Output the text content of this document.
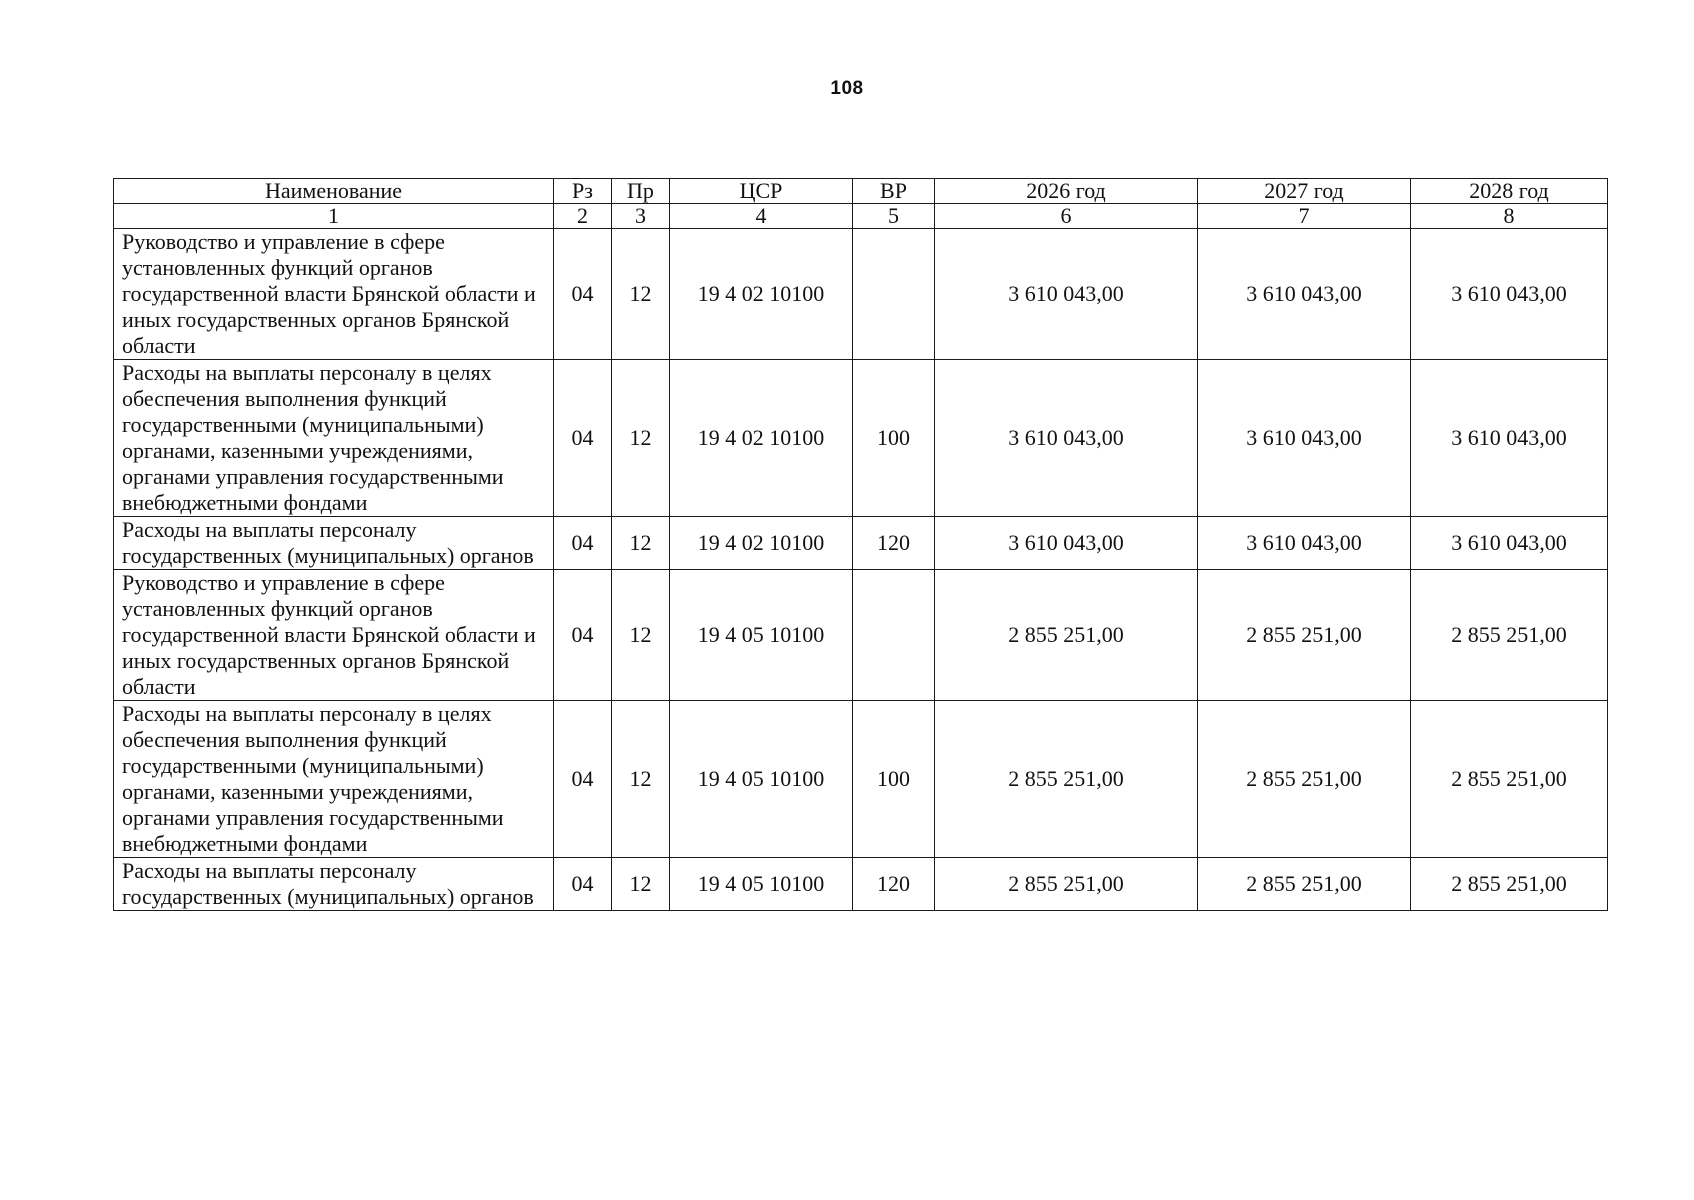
108
Наименование	Рз	Пр	ЦСР	ВР	2026 год	2027 год	2028 год
1	2	3	4	5	6	7	8
Руководство и управление в сфере установленных функций органов государственной власти Брянской области и иных государственных органов Брянской области	04	12	19 4 02 10100		3 610 043,00	3 610 043,00	3 610 043,00
Расходы на выплаты персоналу в целях обеспечения выполнения функций государственными (муниципальными) органами, казенными учреждениями, органами управления государственными внебюджетными фондами	04	12	19 4 02 10100	100	3 610 043,00	3 610 043,00	3 610 043,00
Расходы на выплаты персоналу государственных (муниципальных) органов	04	12	19 4 02 10100	120	3 610 043,00	3 610 043,00	3 610 043,00
Руководство и управление в сфере установленных функций органов государственной власти Брянской области и иных государственных органов Брянской области	04	12	19 4 05 10100		2 855 251,00	2 855 251,00	2 855 251,00
Расходы на выплаты персоналу в целях обеспечения выполнения функций государственными (муниципальными) органами, казенными учреждениями, органами управления государственными внебюджетными фондами	04	12	19 4 05 10100	100	2 855 251,00	2 855 251,00	2 855 251,00
Расходы на выплаты персоналу государственных (муниципальных) органов	04	12	19 4 05 10100	120	2 855 251,00	2 855 251,00	2 855 251,00
